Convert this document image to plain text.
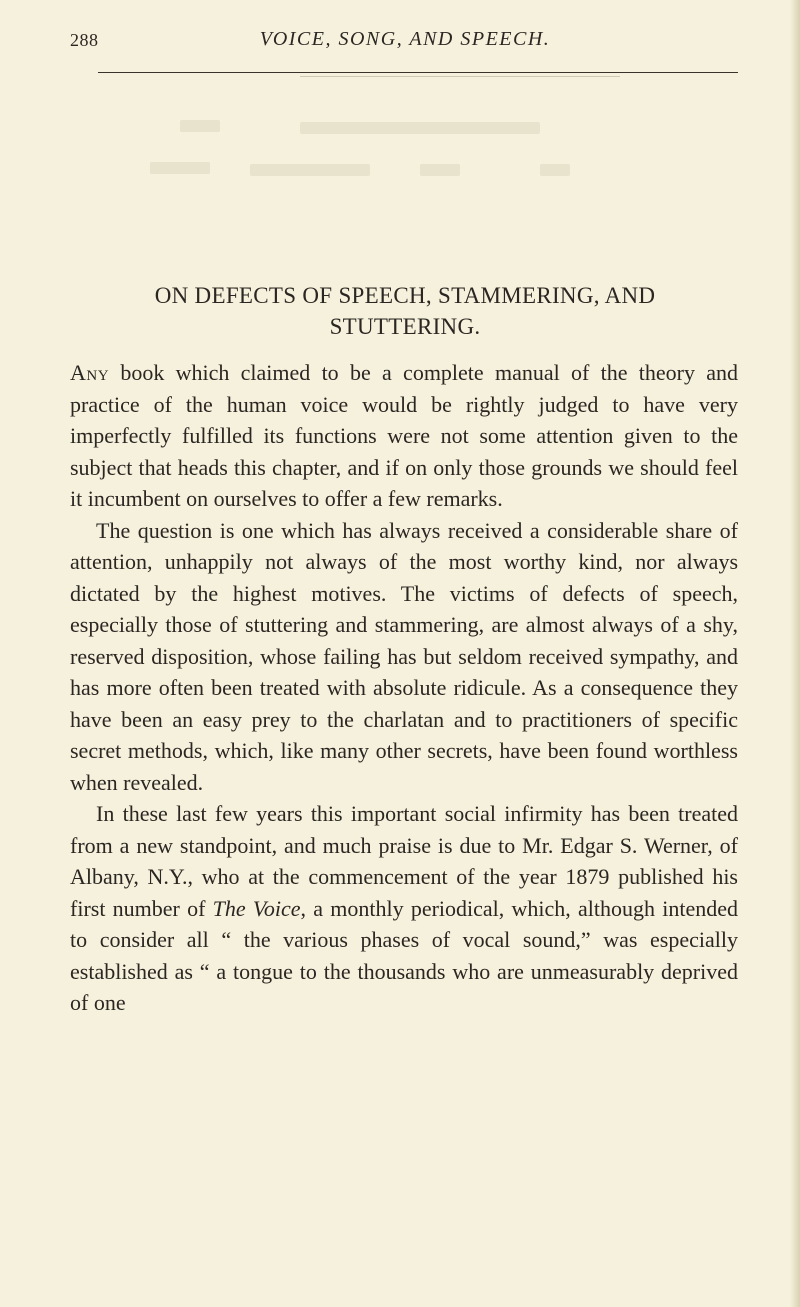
288	VOICE, SONG, AND SPEECH.
ON DEFECTS OF SPEECH, STAMMERING, AND
STUTTERING.

Any book which claimed to be a complete manual of the theory and practice of the human voice would be rightly judged to have very imperfectly fulfilled its functions were not some attention given to the subject that heads this chapter, and if on only those grounds we should feel it incumbent on ourselves to offer a few remarks.

The question is one which has always received a considerable share of attention, unhappily not always of the most worthy kind, nor always dictated by the highest motives. The victims of defects of speech, especially those of stuttering and stammering, are almost always of a shy, reserved disposition, whose failing has but seldom received sympathy, and has more often been treated with absolute ridicule. As a consequence they have been an easy prey to the charlatan and to practitioners of specific secret methods, which, like many other secrets, have been found worthless when revealed.

In these last few years this important social infirmity has been treated from a new standpoint, and much praise is due to Mr. Edgar S. Werner, of Albany, N.Y., who at the commencement of the year 1879 published his first number of The Voice, a monthly periodical, which, although intended to consider all “ the various phases of vocal sound,” was especially established as “ a tongue to the thousands who are unmeasurably deprived of one
